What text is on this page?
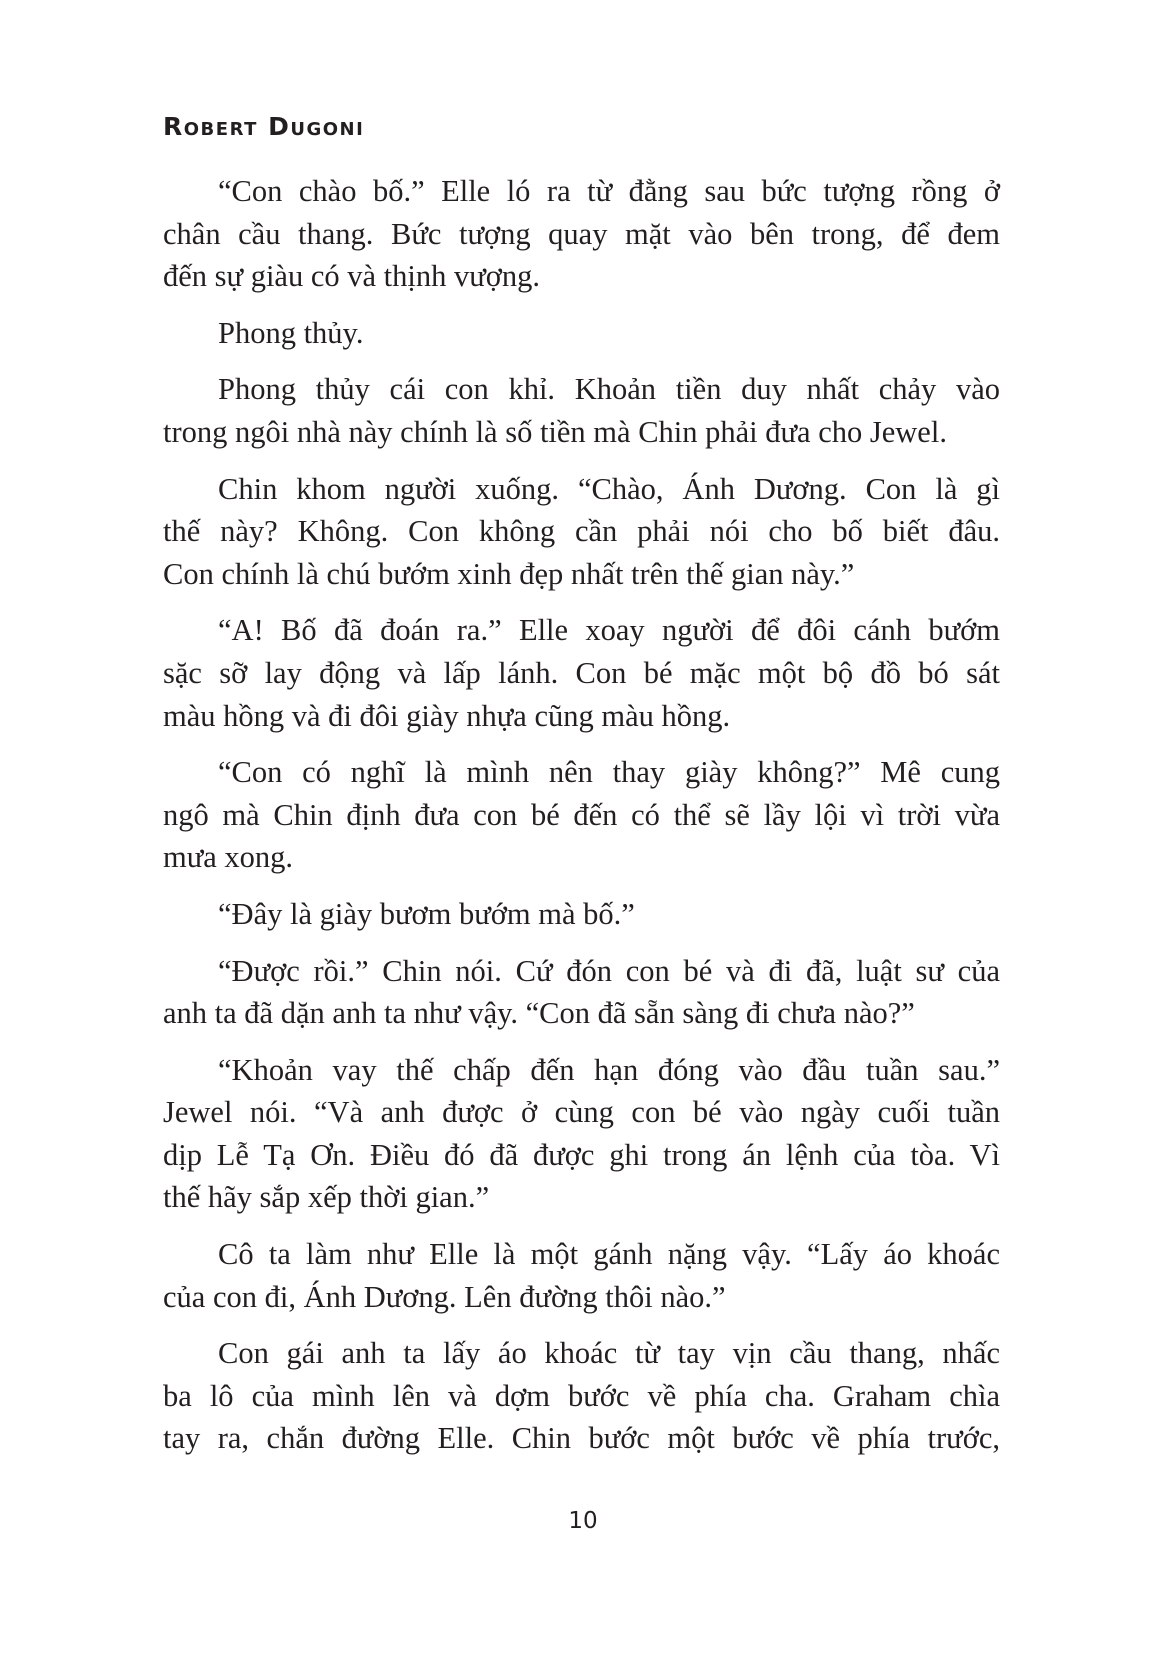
Robert Dugoni
“Con chào bố.” Elle ló ra từ đằng sau bức tượng rồng ở
chân cầu thang. Bức tượng quay mặt vào bên trong, để đem
đến sự giàu có và thịnh vượng.
Phong thủy.
Phong thủy cái con khỉ. Khoản tiền duy nhất chảy vào
trong ngôi nhà này chính là số tiền mà Chin phải đưa cho Jewel.
Chin khom người xuống. “Chào, Ánh Dương. Con là gì
thế này? Không. Con không cần phải nói cho bố biết đâu.
Con chính là chú bướm xinh đẹp nhất trên thế gian này.”
“A! Bố đã đoán ra.” Elle xoay người để đôi cánh bướm
sặc sỡ lay động và lấp lánh. Con bé mặc một bộ đồ bó sát
màu hồng và đi đôi giày nhựa cũng màu hồng.
“Con có nghĩ là mình nên thay giày không?” Mê cung
ngô mà Chin định đưa con bé đến có thể sẽ lầy lội vì trời vừa
mưa xong.
“Đây là giày bươm bướm mà bố.”
“Được rồi.” Chin nói. Cứ đón con bé và đi đã, luật sư của
anh ta đã dặn anh ta như vậy. “Con đã sẵn sàng đi chưa nào?”
“Khoản vay thế chấp đến hạn đóng vào đầu tuần sau.”
Jewel nói. “Và anh được ở cùng con bé vào ngày cuối tuần
dịp Lễ Tạ Ơn. Điều đó đã được ghi trong án lệnh của tòa. Vì
thế hãy sắp xếp thời gian.”
Cô ta làm như Elle là một gánh nặng vậy. “Lấy áo khoác
của con đi, Ánh Dương. Lên đường thôi nào.”
Con gái anh ta lấy áo khoác từ tay vịn cầu thang, nhấc
ba lô của mình lên và dợm bước về phía cha. Graham chìa
tay ra, chắn đường Elle. Chin bước một bước về phía trước,
10
